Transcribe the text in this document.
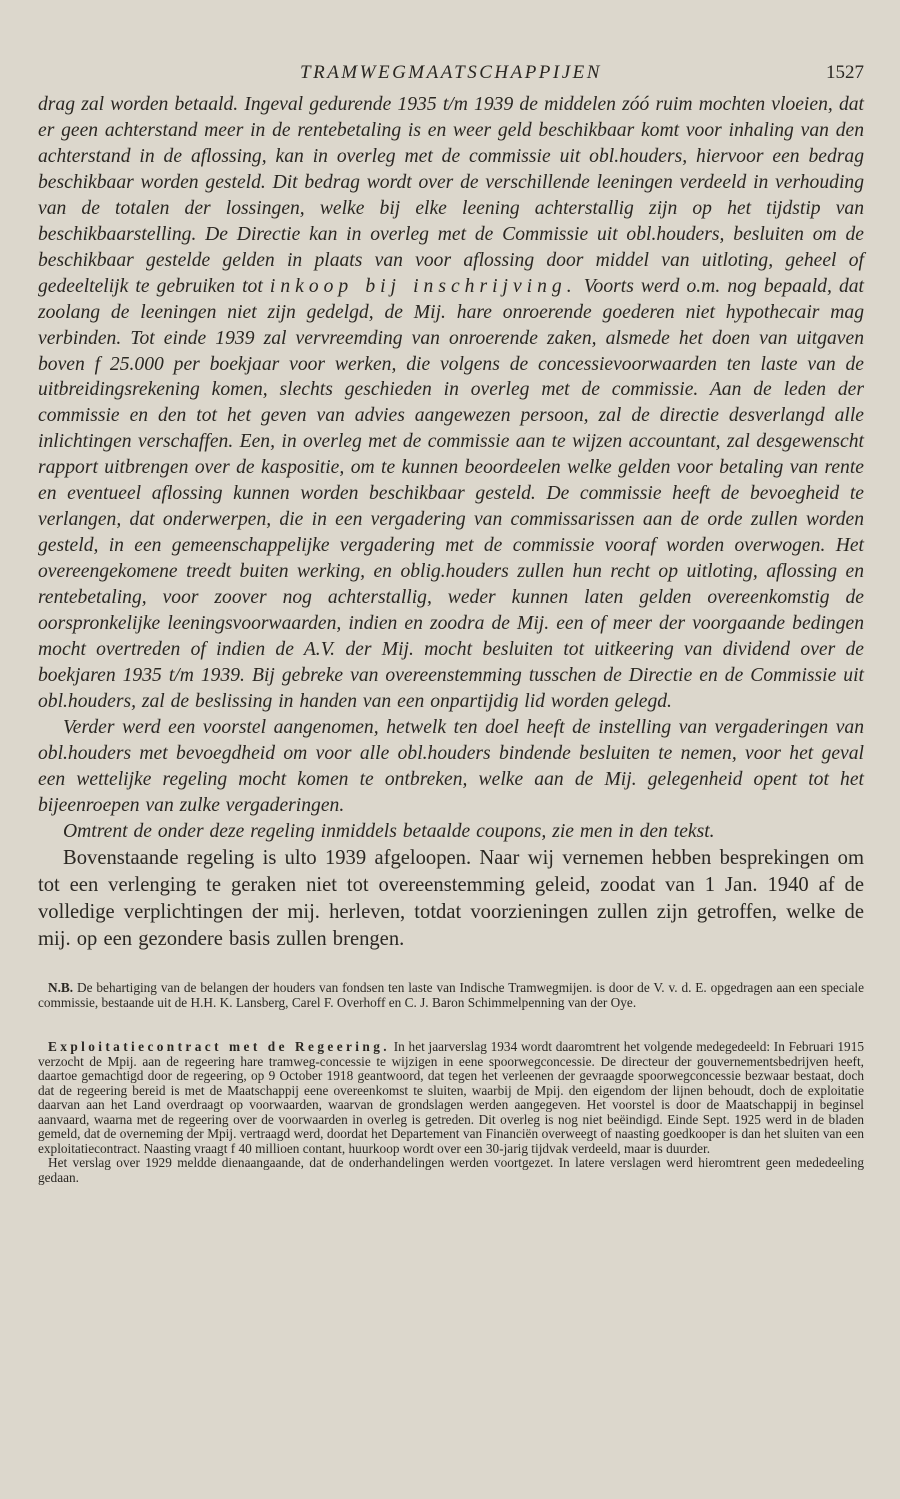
TRAMWEGMAATSCHAPPIJEN	1527

drag zal worden betaald. Ingeval gedurende 1935 t/m 1939 de middelen zóó ruim mochten vloeien, dat er geen achterstand meer in de rentebetaling is en weer geld beschikbaar komt voor inhaling van den achterstand in de aflossing, kan in overleg met de commissie uit obl.houders, hiervoor een bedrag beschikbaar worden gesteld. Dit bedrag wordt over de verschillende leeningen verdeeld in verhouding van de totalen der lossingen, welke bij elke leening achterstallig zijn op het tijdstip van beschikbaarstelling. De Directie kan in overleg met de Commissie uit obl.houders, besluiten om de beschikbaar gestelde gelden in plaats van voor aflossing door middel van uitloting, geheel of gedeeltelijk te gebruiken tot inkoop bij inschrijving. Voorts werd o.m. nog bepaald, dat zoolang de leeningen niet zijn gedelgd, de Mij. hare onroerende goederen niet hypothecair mag verbinden. Tot einde 1939 zal vervreemding van onroerende zaken, alsmede het doen van uitgaven boven f 25.000 per boekjaar voor werken, die volgens de concessievoorwaarden ten laste van de uitbreidingsrekening komen, slechts geschieden in overleg met de commissie. Aan de leden der commissie en den tot het geven van advies aangewezen persoon, zal de directie desverlangd alle inlichtingen verschaffen. Een, in overleg met de commissie aan te wijzen accountant, zal desgewenscht rapport uitbrengen over de kaspositie, om te kunnen beoordeelen welke gelden voor betaling van rente en eventueel aflossing kunnen worden beschikbaar gesteld. De commissie heeft de bevoegheid te verlangen, dat onderwerpen, die in een vergadering van commissarissen aan de orde zullen worden gesteld, in een gemeenschappelijke vergadering met de commissie vooraf worden overwogen. Het overeengekomene treedt buiten werking, en oblig.houders zullen hun recht op uitloting, aflossing en rentebetaling, voor zoover nog achterstallig, weder kunnen laten gelden overeenkomstig de oorspronkelijke leeningsvoorwaarden, indien en zoodra de Mij. een of meer der voorgaande bedingen mocht overtreden of indien de A.V. der Mij. mocht besluiten tot uitkeering van dividend over de boekjaren 1935 t/m 1939. Bij gebreke van overeenstemming tusschen de Directie en de Commissie uit obl.houders, zal de beslissing in handen van een onpartijdig lid worden gelegd.

Verder werd een voorstel aangenomen, hetwelk ten doel heeft de instelling van vergaderingen van obl.houders met bevoegdheid om voor alle obl.houders bindende besluiten te nemen, voor het geval een wettelijke regeling mocht komen te ontbreken, welke aan de Mij. gelegenheid opent tot het bijeenroepen van zulke vergaderingen.

Omtrent de onder deze regeling inmiddels betaalde coupons, zie men in den tekst.

Bovenstaande regeling is ulto 1939 afgeloopen. Naar wij vernemen hebben besprekingen om tot een verlenging te geraken niet tot overeenstemming geleid, zoodat van 1 Jan. 1940 af de volledige verplichtingen der mij. herleven, totdat voorzieningen zullen zijn getroffen, welke de mij. op een gezondere basis zullen brengen.

N.B. De behartiging van de belangen der houders van fondsen ten laste van Indische Tramwegmijen. is door de V. v. d. E. opgedragen aan een speciale commissie, bestaande uit de H.H. K. Lansberg, Carel F. Overhoff en C. J. Baron Schimmelpenning van der Oye.

Exploitatiecontract met de Regeering. In het jaarverslag 1934 wordt daaromtrent het volgende medegedeeld: In Februari 1915 verzocht de Mpij. aan de regeering hare tramweg-concessie te wijzigen in eene spoorwegconcessie. De directeur der gouvernementsbedrijven heeft, daartoe gemachtigd door de regeering, op 9 October 1918 geantwoord, dat tegen het verleenen der gevraagde spoorwegconcessie bezwaar bestaat, doch dat de regeering bereid is met de Maatschappij eene overeenkomst te sluiten, waarbij de Mpij. den eigendom der lijnen behoudt, doch de exploitatie daarvan aan het Land overdraagt op voorwaarden, waarvan de grondslagen werden aangegeven. Het voorstel is door de Maatschappij in beginsel aanvaard, waarna met de regeering over de voorwaarden in overleg is getreden. Dit overleg is nog niet beëindigd. Einde Sept. 1925 werd in de bladen gemeld, dat de overneming der Mpij. vertraagd werd, doordat het Departement van Financiën overweegt of naasting goedkooper is dan het sluiten van een exploitatiecontract. Naasting vraagt f 40 millioen contant, huurkoop wordt over een 30-jarig tijdvak verdeeld, maar is duurder.

Het verslag over 1929 meldde dienaangaande, dat de onderhandelingen werden voortgezet. In latere verslagen werd hieromtrent geen mededeeling gedaan.
